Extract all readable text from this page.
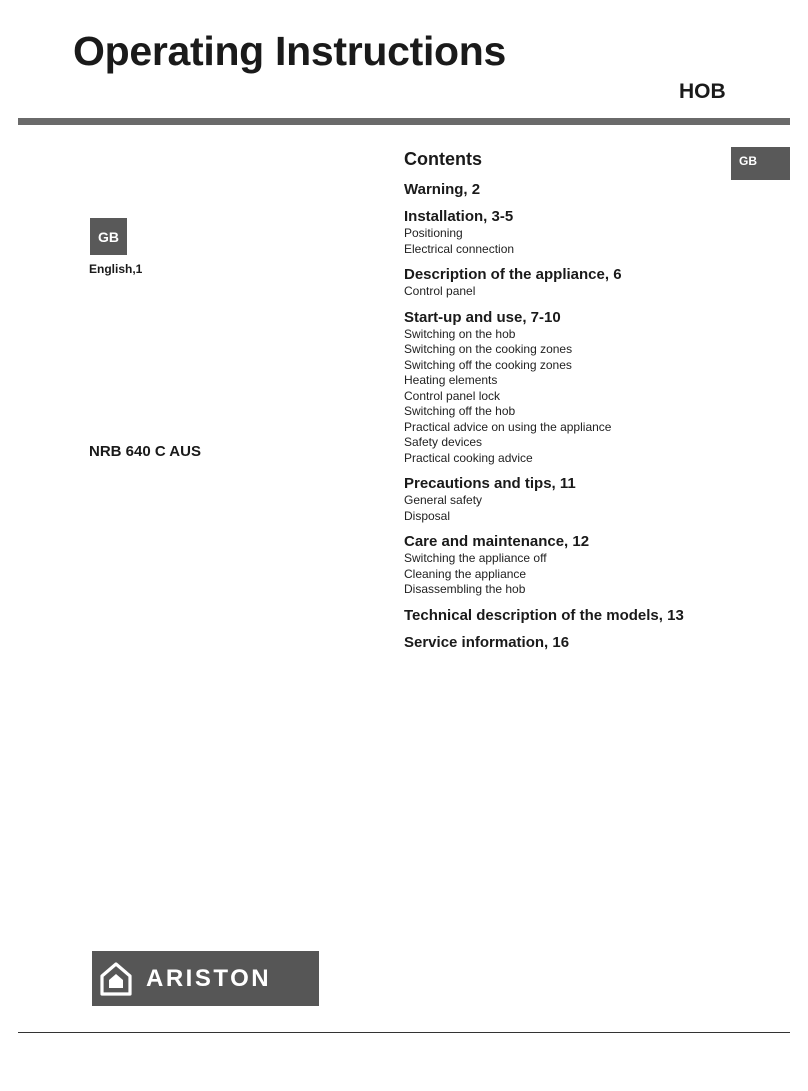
Operating Instructions
HOB
GB
GB
English,1
NRB 640 C AUS
Contents
Warning, 2
Installation, 3-5
Positioning
Electrical connection
Description of the appliance, 6
Control panel
Start-up and use, 7-10
Switching on the hob
Switching on the cooking zones
Switching off the cooking zones
Heating elements
Control panel lock
Switching off the hob
Practical advice on using the appliance
Safety devices
Practical cooking advice
Precautions and tips, 11
General safety
Disposal
Care and maintenance, 12
Switching the appliance off
Cleaning the appliance
Disassembling the hob
Technical description of the models, 13
Service information, 16
ARISTON
